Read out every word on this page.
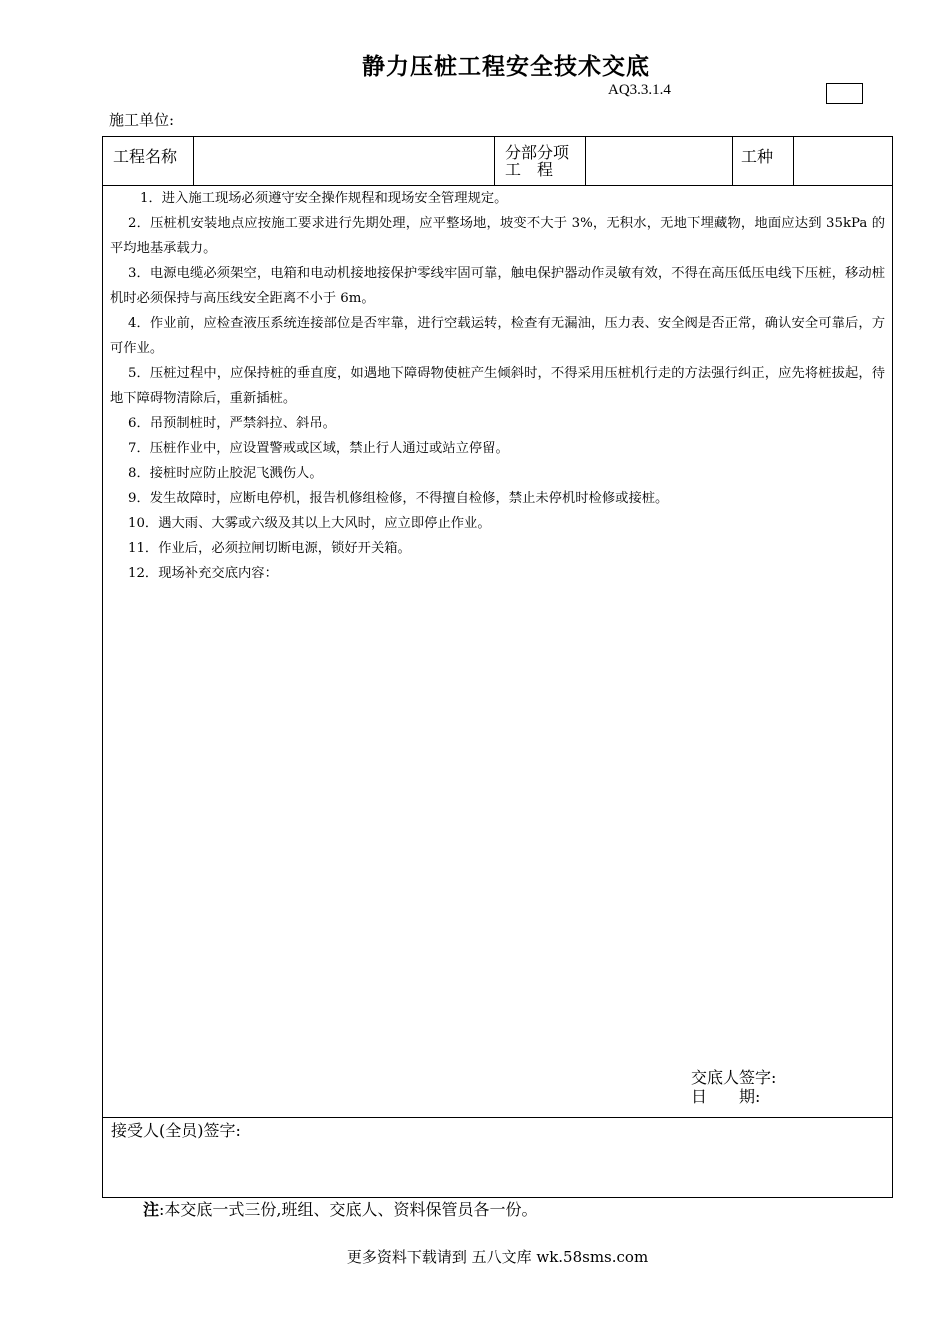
静力压桩工程安全技术交底
AQ3.3.1.4
施工单位:
工程名称	分部分项
工　程
工种

1．进入施工现场必须遵守安全操作规程和现场安全管理规定。

2．压桩机安装地点应按施工要求进行先期处理，应平整场地，坡变不大于 3%，无积水，无地下埋藏物，地面应达到 35kPa 的平均地基承载力。

3．电源电缆必须架空，电箱和电动机接地接保护零线牢固可靠，触电保护器动作灵敏有效，不得在高压低压电线下压桩，移动桩机时必须保持与高压线安全距离不小于 6m。

4．作业前，应检查液压系统连接部位是否牢靠，进行空载运转，检查有无漏油，压力表、安全阀是否正常，确认安全可靠后，方可作业。

5．压桩过程中，应保持桩的垂直度，如遇地下障碍物使桩产生倾斜时，不得采用压桩机行走的方法强行纠正，应先将桩拔起，待地下障碍物清除后，重新插桩。

6．吊预制桩时，严禁斜拉、斜吊。

7．压桩作业中，应设置警戒或区域，禁止行人通过或站立停留。

8．接桩时应防止胶泥飞溅伤人。

9．发生故障时，应断电停机，报告机修组检修，不得擅自检修，禁止未停机时检修或接桩。

10．遇大雨、大雾或六级及其以上大风时，应立即停止作业。

11．作业后，必须拉闸切断电源，锁好开关箱。

12．现场补充交底内容：

交底人签字:
日　　期:
接受人(全员)签字:
注:本交底一式三份,班组、交底人、资料保管员各一份。
更多资料下载请到 五八文库 wk.58sms.com
